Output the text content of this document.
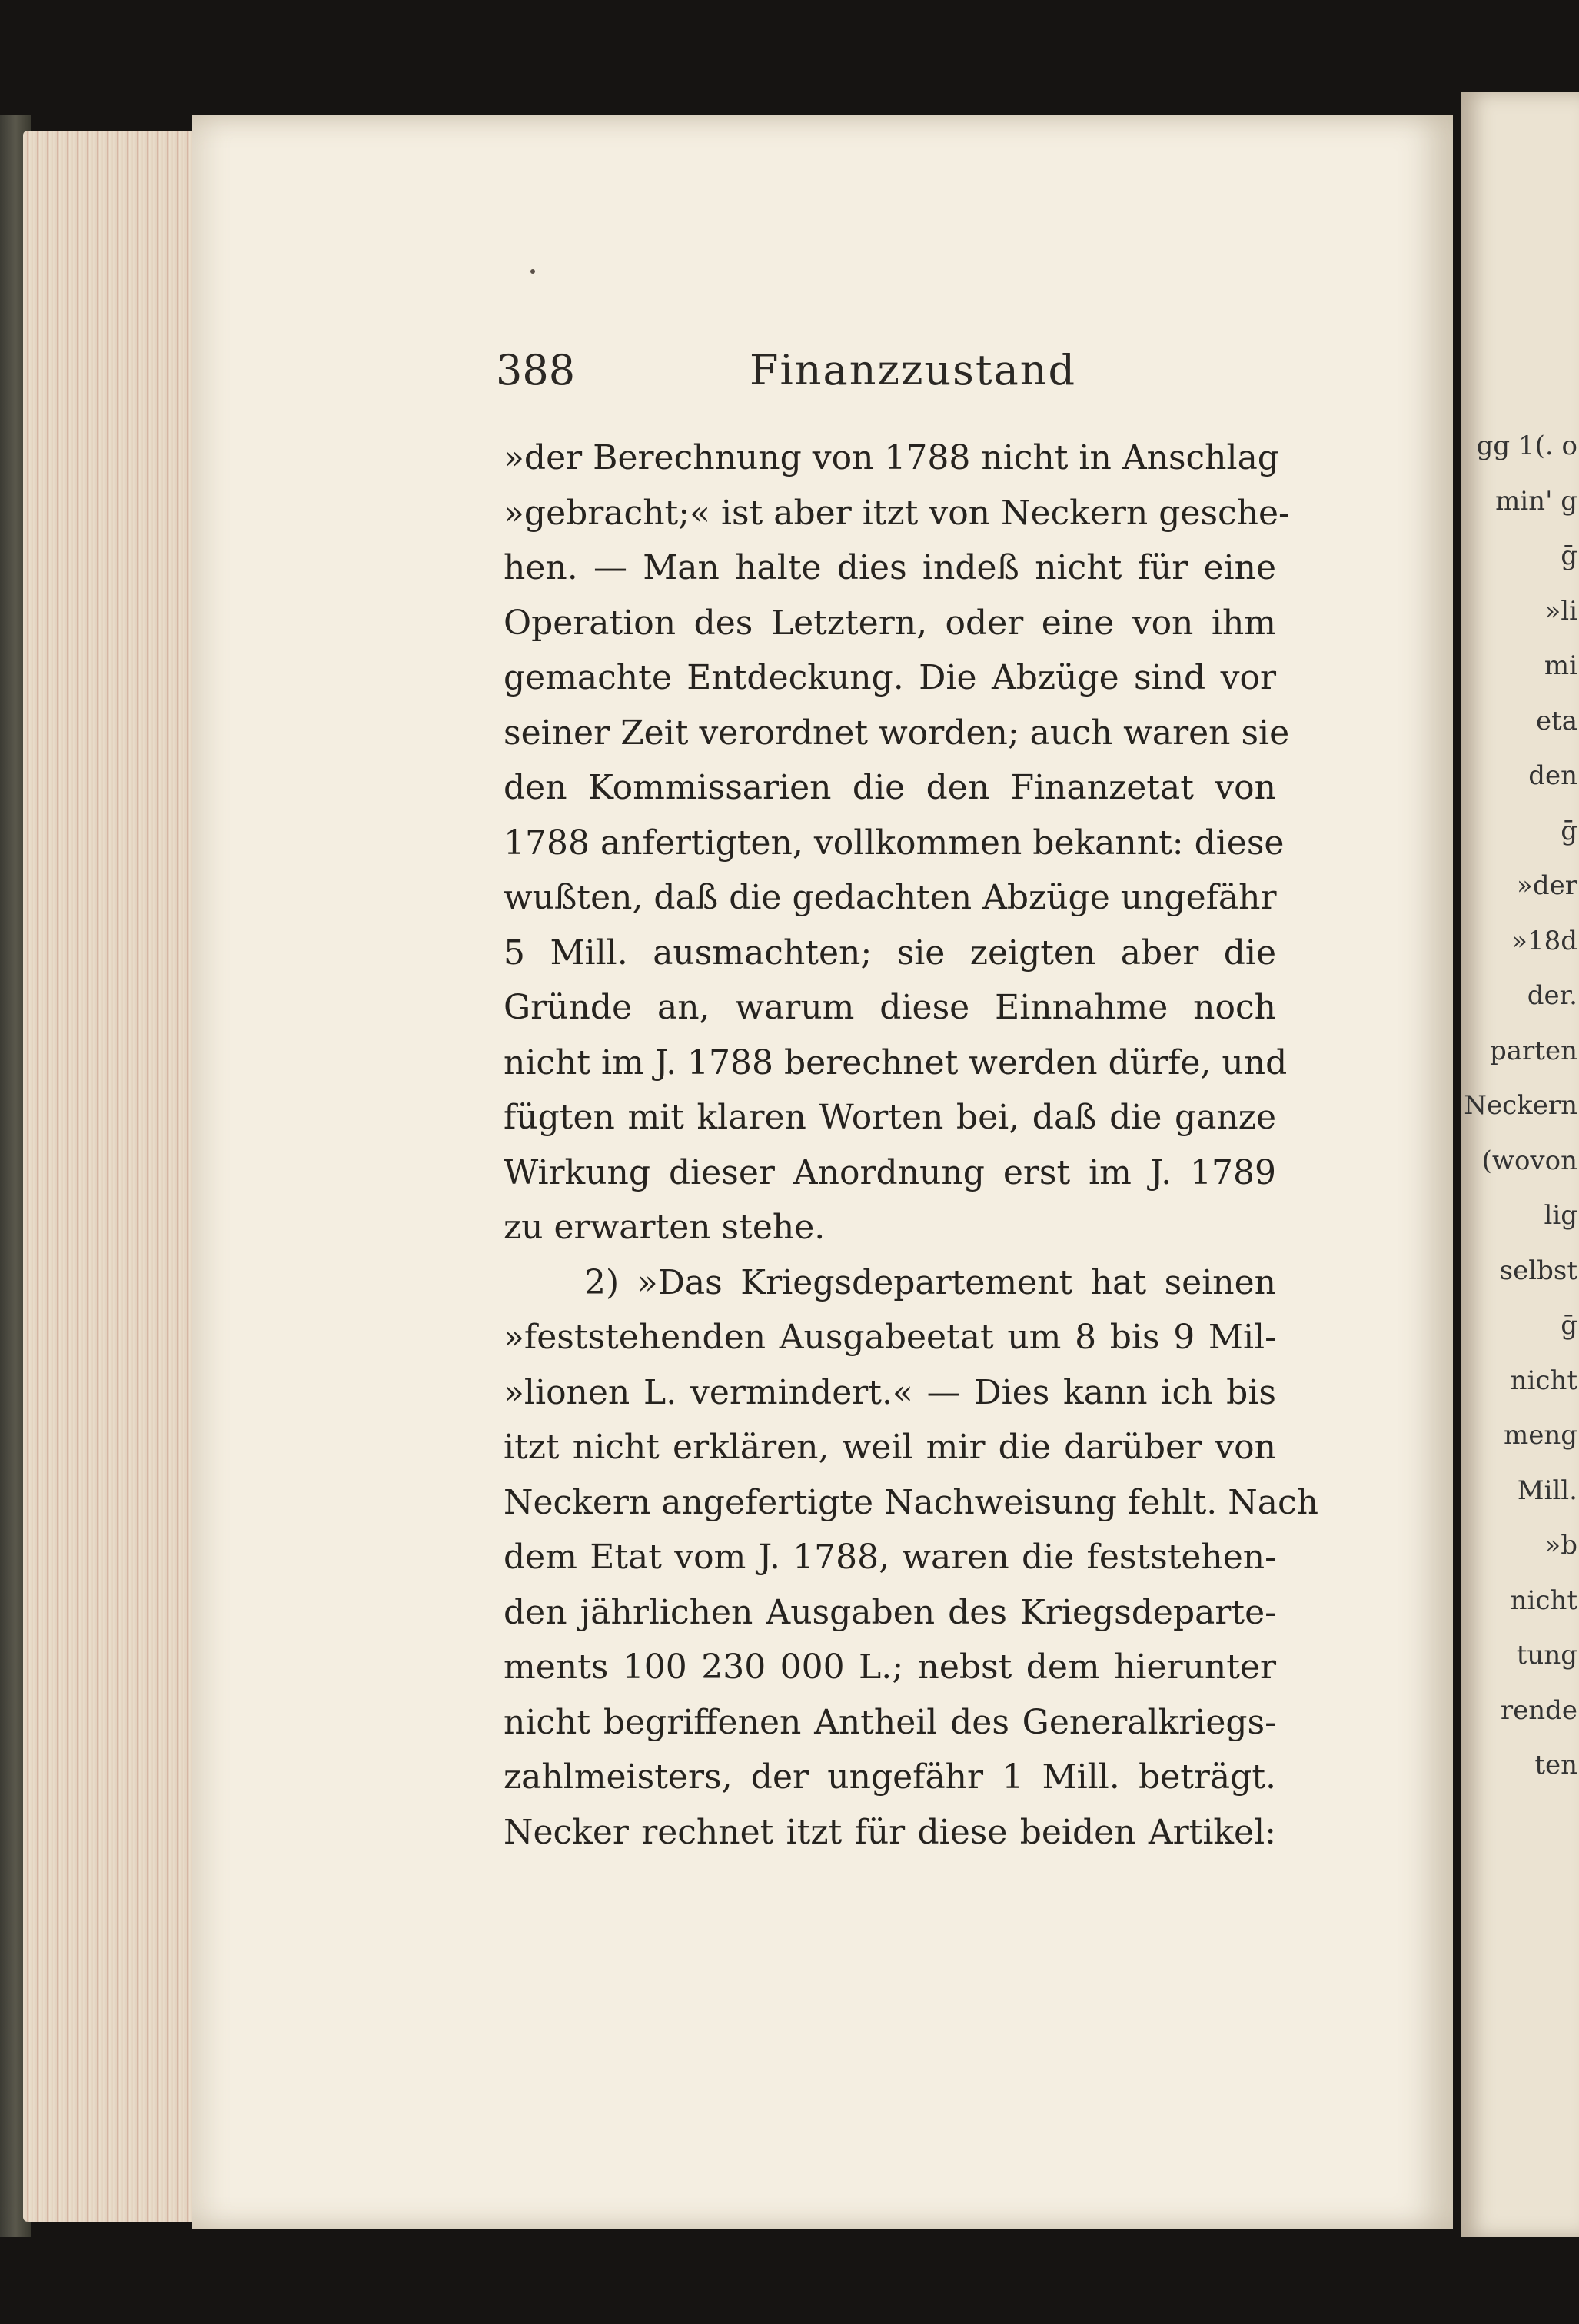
388	Finanzzustand
»der Berechnung von 1788 nicht in Anschlag
»gebracht;« ist aber itzt von Neckern gesche-
hen. — Man halte dies indeß nicht für eine
Operation des Letztern, oder eine von ihm
gemachte Entdeckung. Die Abzüge sind vor
seiner Zeit verordnet worden; auch waren sie
den Kommissarien die den Finanzetat von
1788 anfertigten, vollkommen bekannt: diese
wußten, daß die gedachten Abzüge ungefähr
5 Mill. ausmachten; sie zeigten aber die
Gründe an, warum diese Einnahme noch
nicht im J. 1788 berechnet werden dürfe, und
fügten mit klaren Worten bei, daß die ganze
Wirkung dieser Anordnung erst im J. 1789
zu erwarten stehe.
2) »Das Kriegsdepartement hat seinen
»feststehenden Ausgabeetat um 8 bis 9 Mil-
»lionen L. vermindert.« — Dies kann ich bis
itzt nicht erklären, weil mir die darüber von
Neckern angefertigte Nachweisung fehlt. Nach
dem Etat vom J. 1788, waren die feststehen-
den jährlichen Ausgaben des Kriegsdeparte-
ments 100 230 000 L.; nebst dem hierunter
nicht begriffenen Antheil des Generalkriegs-
zahlmeisters, der ungefähr 1 Mill. beträgt.
Necker rechnet itzt für diese beiden Artikel:
gg 1(. o
min' g
ḡ
»li
mi
eta
den
ḡ
»der
»18d
der.
parten
Neckern
(wovon
lig
selbst
ḡ
nicht
meng
Mill.
»b
nicht
tung
rende
ten
